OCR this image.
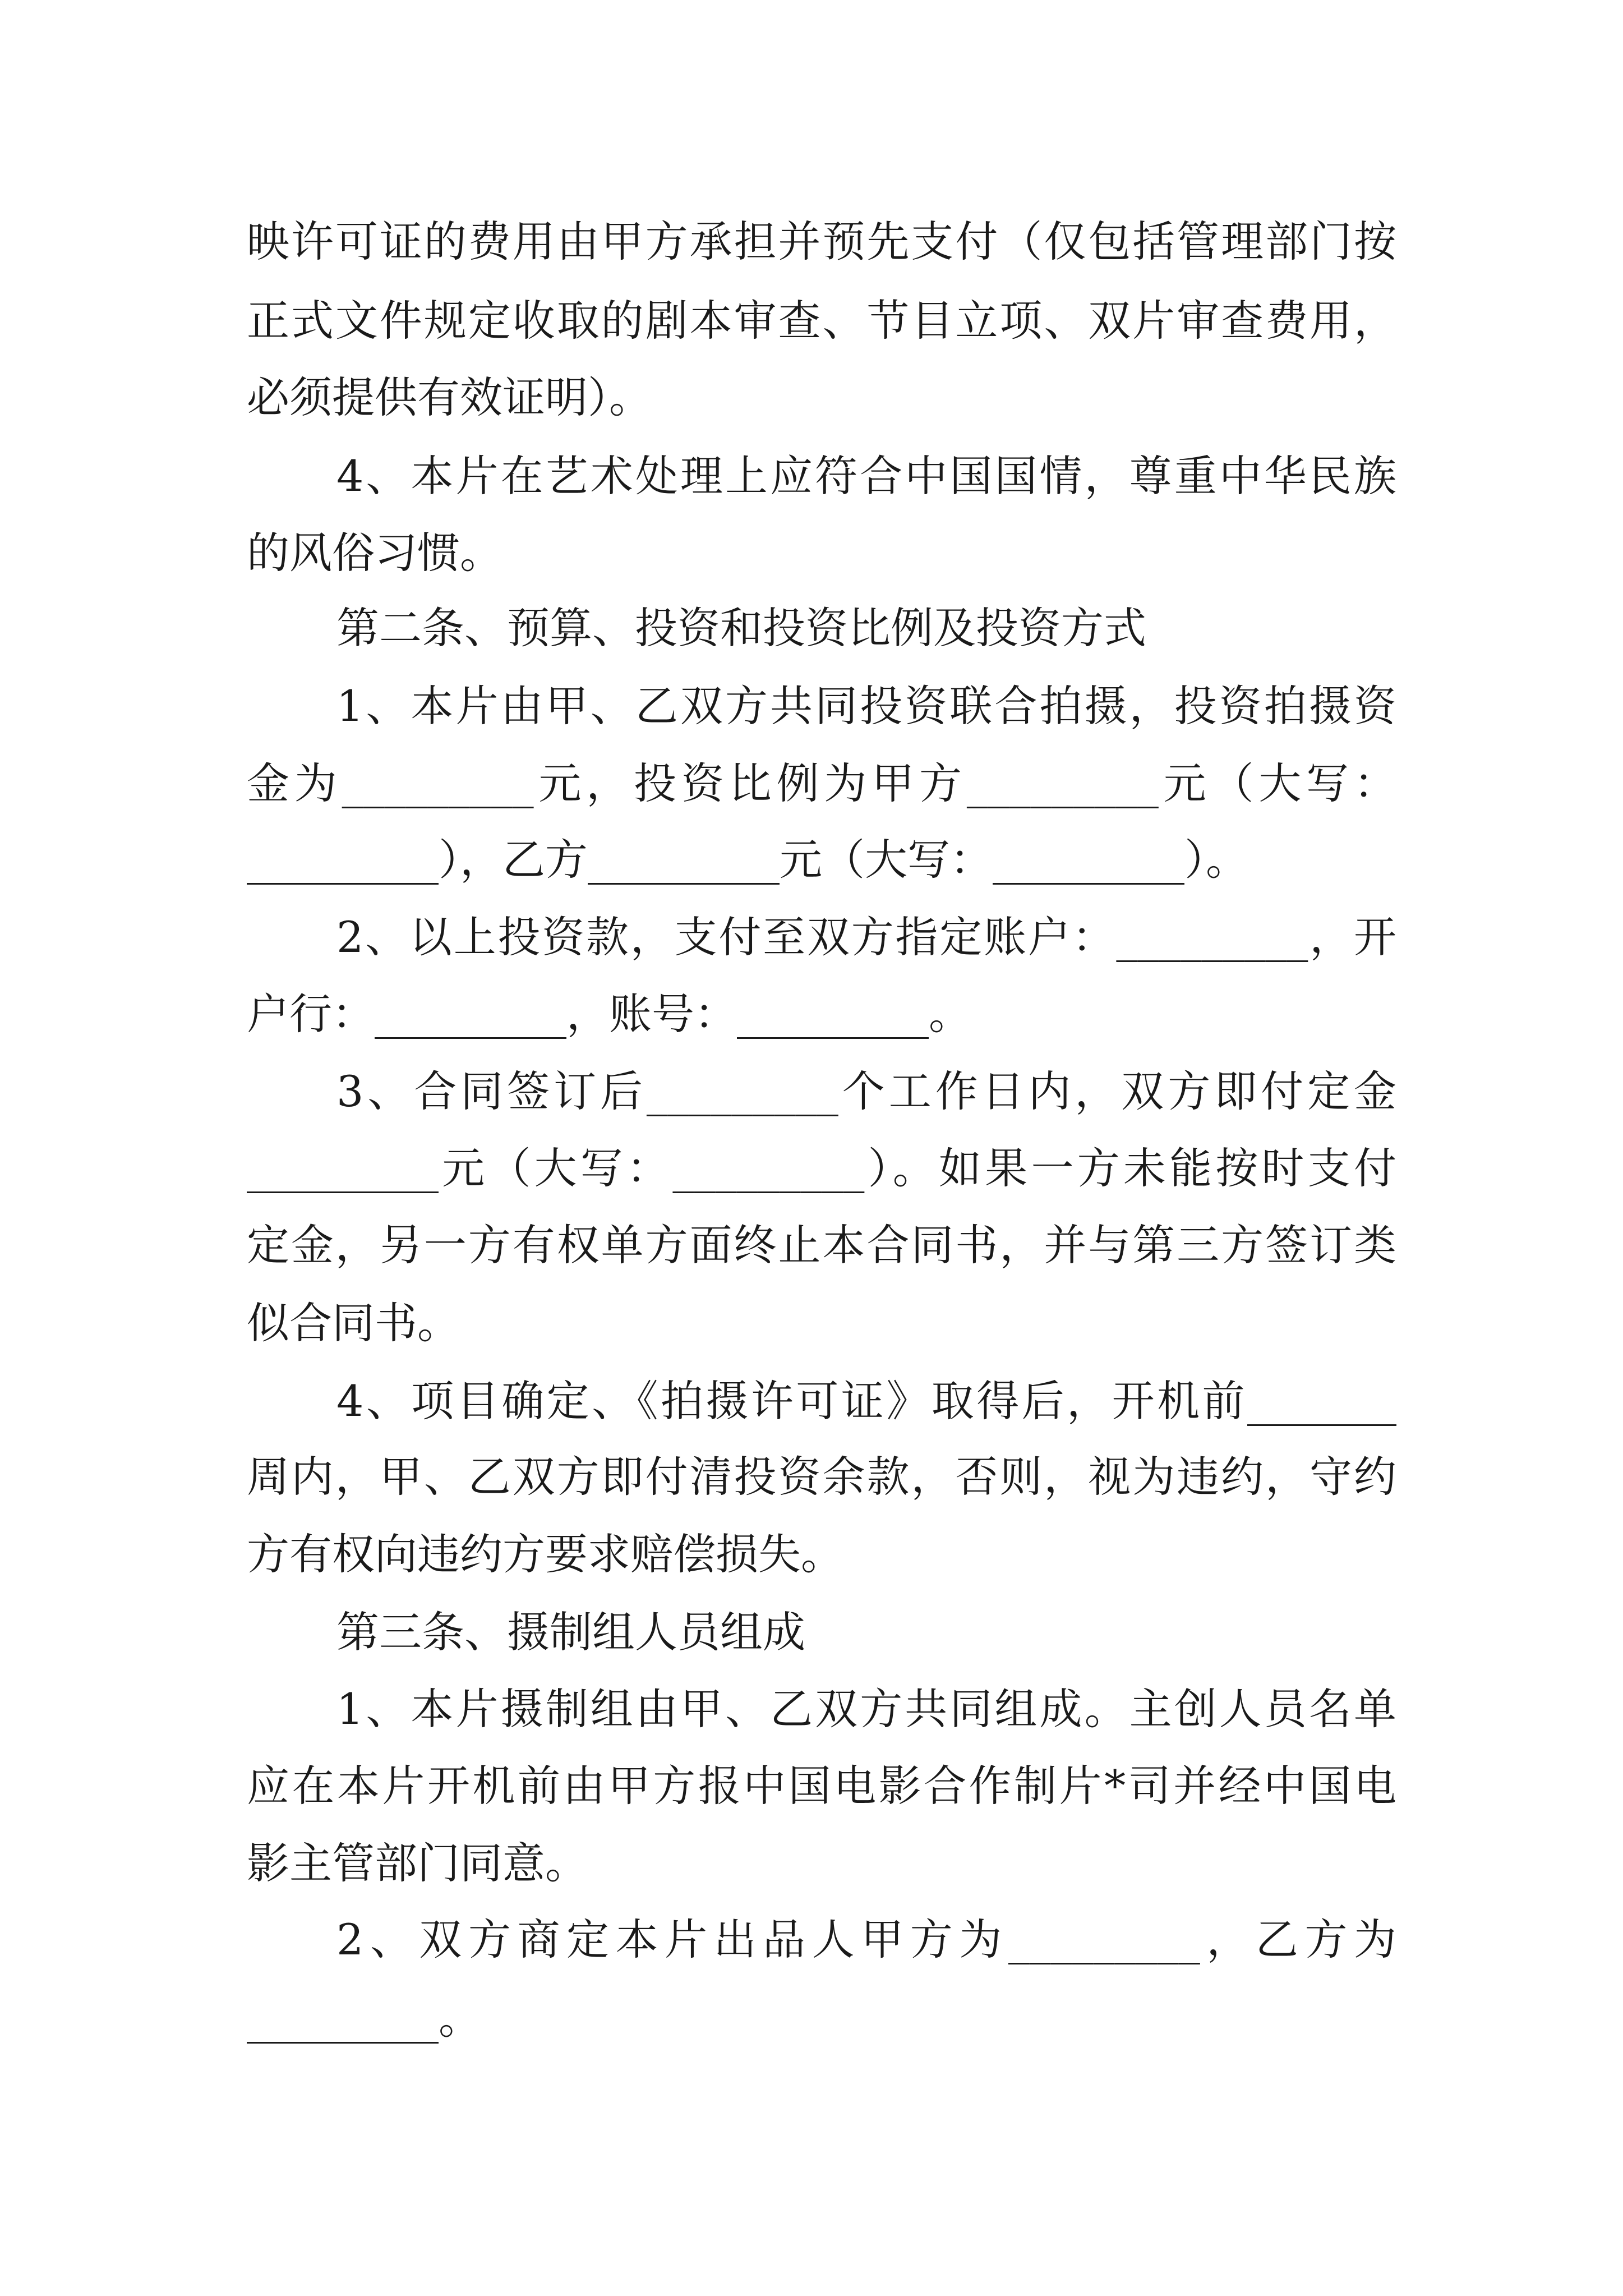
映许可证的费用由甲方承担并预先支付（仅包括管理部门按
正式文件规定收取的剧本审查、节目立项、双片审查费用，
必须提供有效证明）。
4、本片在艺术处理上应符合中国国情，尊重中华民族
的风俗习惯。
第二条、预算、投资和投资比例及投资方式
1、本片由甲、乙双方共同投资联合拍摄，投资拍摄资
金为_________元，投资比例为甲方_________元（大写：
_________），乙方_________元（大写：_________）。
2、以上投资款，支付至双方指定账户：_________，开
户行：_________，账号：_________。
3、合同签订后_________个工作日内，双方即付定金
_________元（大写：_________）。如果一方未能按时支付
定金，另一方有权单方面终止本合同书，并与第三方签订类
似合同书。
4、项目确定、《拍摄许可证》取得后，开机前_______
周内，甲、乙双方即付清投资余款，否则，视为违约，守约
方有权向违约方要求赔偿损失。
第三条、摄制组人员组成
1、本片摄制组由甲、乙双方共同组成。主创人员名单
应在本片开机前由甲方报中国电影合作制片*司并经中国电
影主管部门同意。
2、双方商定本片出品人甲方为_________，乙方为
_________。
